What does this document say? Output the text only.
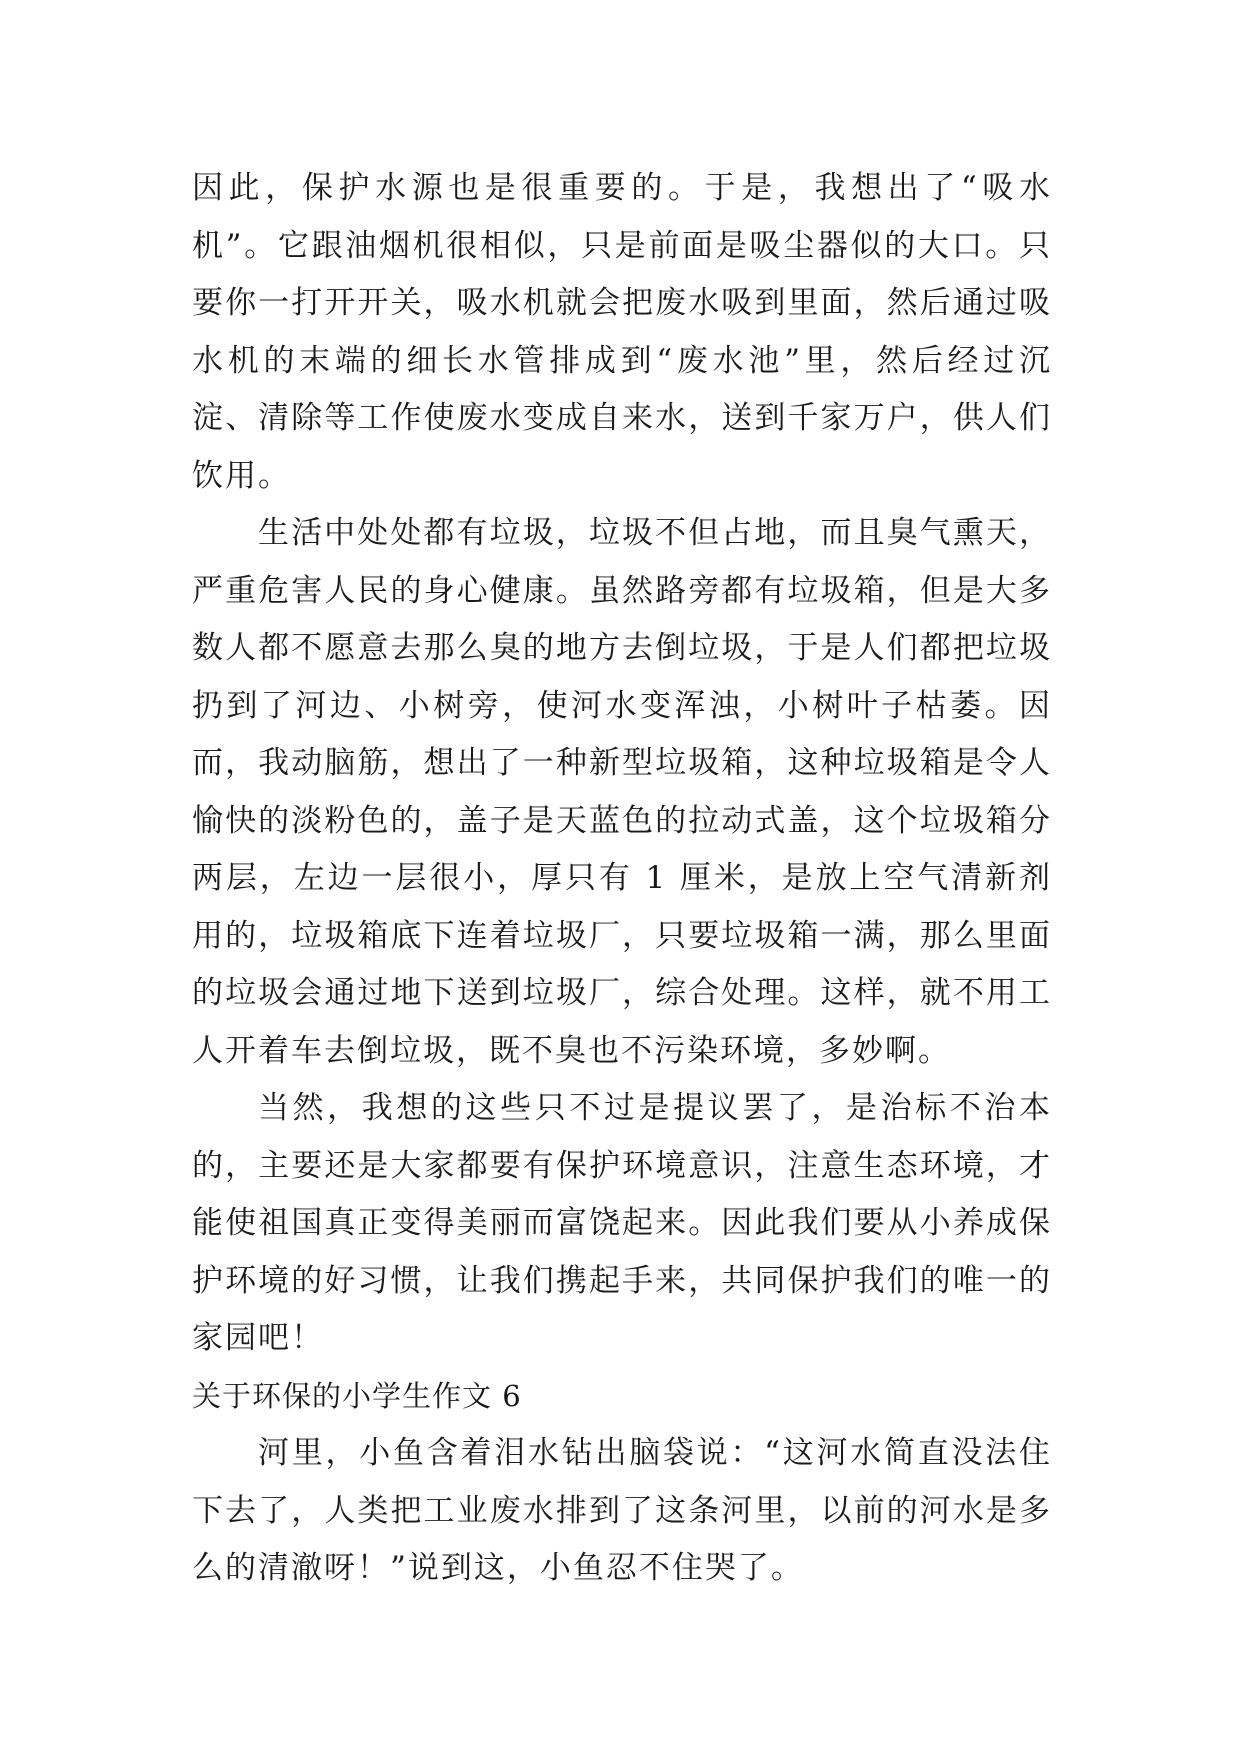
因此，保护水源也是很重要的。于是，我想出了“吸水机”。它跟油烟机很相似，只是前面是吸尘器似的大口。只要你一打开开关，吸水机就会把废水吸到里面，然后通过吸水机的末端的细长水管排成到“废水池”里，然后经过沉淀、清除等工作使废水变成自来水，送到千家万户，供人们饮用。

生活中处处都有垃圾，垃圾不但占地，而且臭气熏天，严重危害人民的身心健康。虽然路旁都有垃圾箱，但是大多数人都不愿意去那么臭的地方去倒垃圾，于是人们都把垃圾扔到了河边、小树旁，使河水变浑浊，小树叶子枯萎。因而，我动脑筋，想出了一种新型垃圾箱，这种垃圾箱是令人愉快的淡粉色的，盖子是天蓝色的拉动式盖，这个垃圾箱分两层，左边一层很小，厚只有 1 厘米，是放上空气清新剂用的，垃圾箱底下连着垃圾厂，只要垃圾箱一满，那么里面的垃圾会通过地下送到垃圾厂，综合处理。这样，就不用工人开着车去倒垃圾，既不臭也不污染环境，多妙啊。

当然，我想的这些只不过是提议罢了，是治标不治本的，主要还是大家都要有保护环境意识，注意生态环境，才能使祖国真正变得美丽而富饶起来。因此我们要从小养成保护环境的好习惯，让我们携起手来，共同保护我们的唯一的家园吧！

关于环保的小学生作文 6

河里，小鱼含着泪水钻出脑袋说：“这河水简直没法住下去了，人类把工业废水排到了这条河里，以前的河水是多么的清澈呀！”说到这，小鱼忍不住哭了。
